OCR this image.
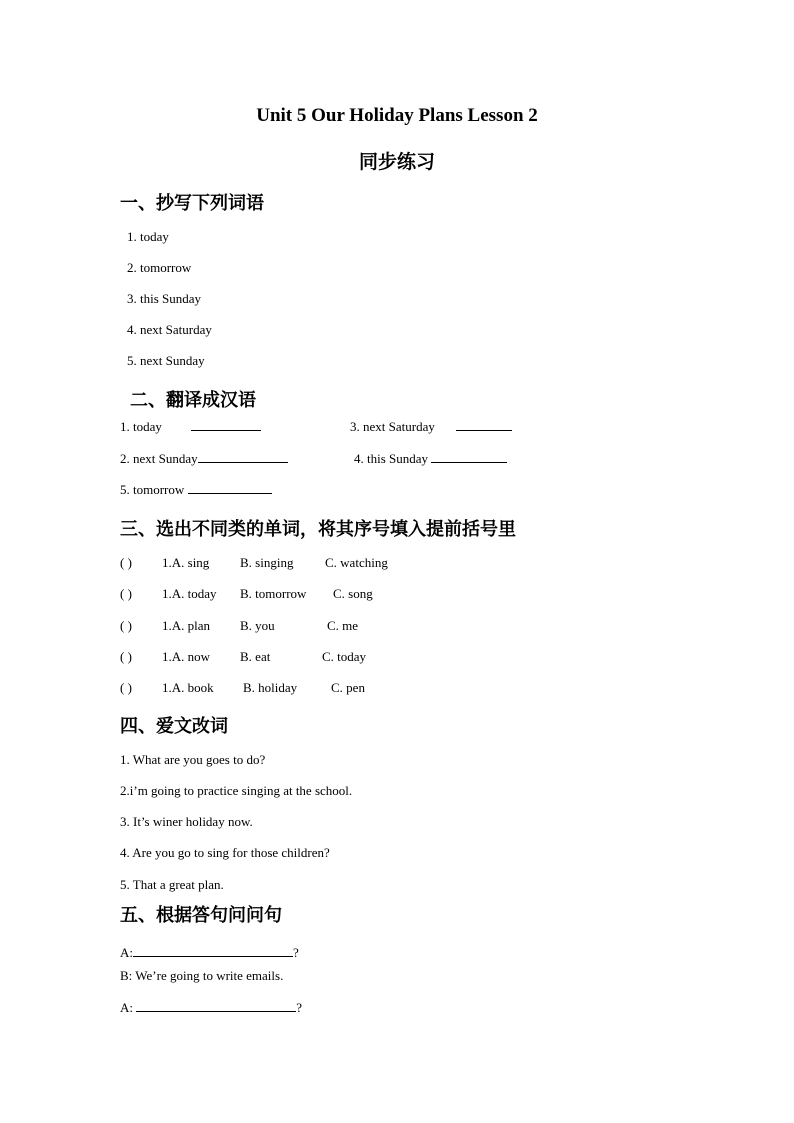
Unit 5 Our Holiday Plans Lesson 2
同步练习
一、抄写下列词语
1. today
2. tomorrow
3. this Sunday
4. next Saturday
5. next Sunday
二、翻译成汉语
1. today	3. next Saturday
2. next Sunday	4. this Sunday
5. tomorrow
三、选出不同类的单词，将其序号填入提前括号里
( ) 1.A. sing B. singing C. watching
( ) 1.A. today B. tomorrow C. song
( ) 1.A. plan B. you	C. me
( ) 1.A. now B. eat	C. today
( ) 1.A. book B. holiday	C. pen
四、爱文改词
1. What are you goes to do?
2.i’m going to practice singing at the school.
3. It’s winer holiday now.
4. Are you go to sing for those children?
5. That a great plan.
五、根据答句问问句
A:	?
B: We’re going to write emails.
A:	?
